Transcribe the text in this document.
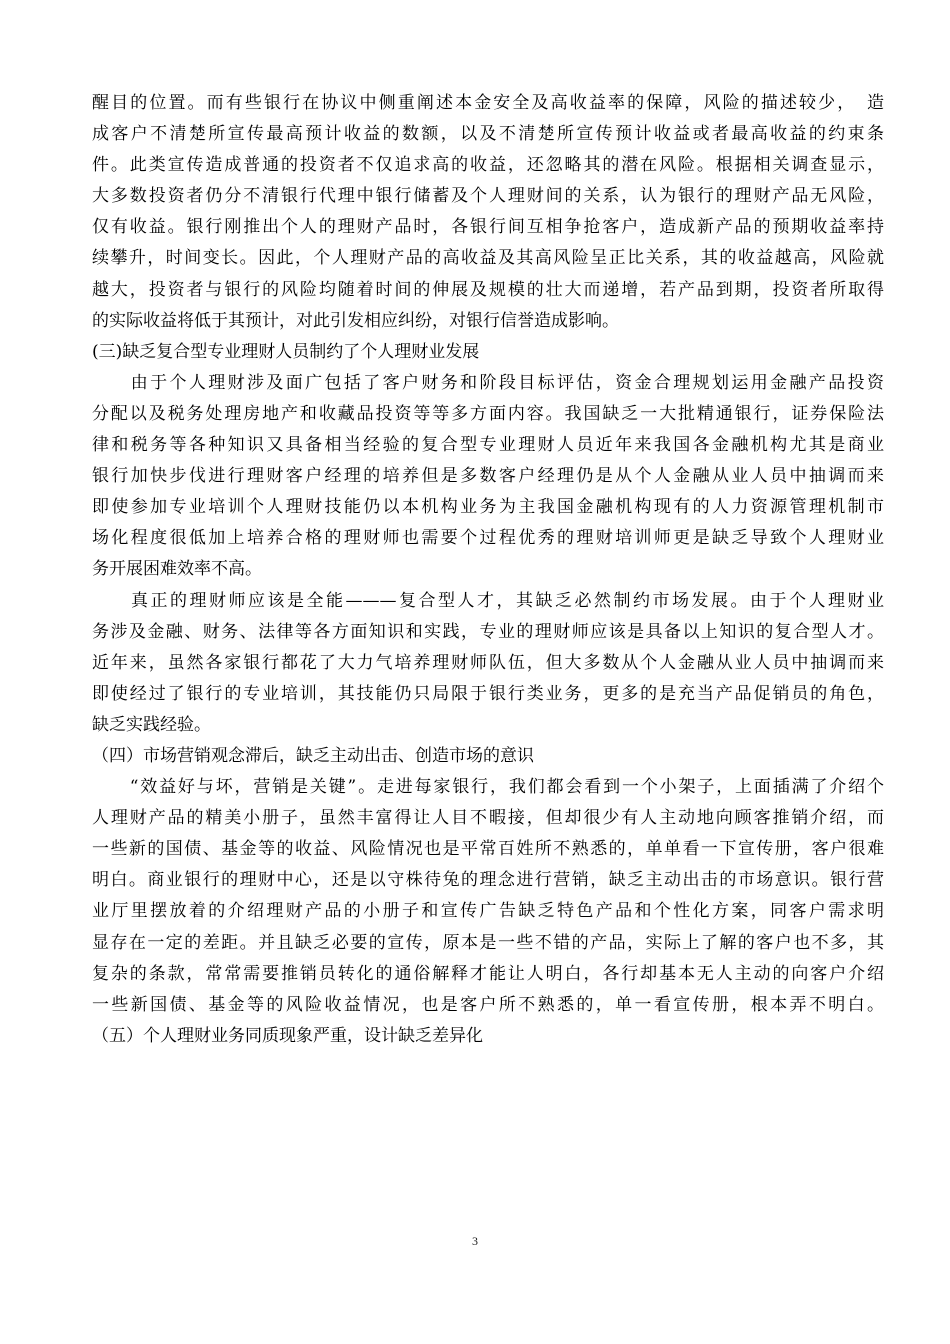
醒目的位置。而有些银行在协议中侧重阐述本金安全及高收益率的保障，风险的描述较少，　造
成客户不清楚所宣传最高预计收益的数额，以及不清楚所宣传预计收益或者最高收益的约束条
件。此类宣传造成普通的投资者不仅追求高的收益，还忽略其的潜在风险。根据相关调查显示，
大多数投资者仍分不清银行代理中银行储蓄及个人理财间的关系，认为银行的理财产品无风险，
仅有收益。银行刚推出个人的理财产品时，各银行间互相争抢客户，造成新产品的预期收益率持
续攀升，时间变长。因此，个人理财产品的高收益及其高风险呈正比关系，其的收益越高，风险就
越大，投资者与银行的风险均随着时间的伸展及规模的壮大而递增，若产品到期，投资者所取得
的实际收益将低于其预计，对此引发相应纠纷，对银行信誉造成影响。
(三)缺乏复合型专业理财人员制约了个人理财业发展
　　由于个人理财涉及面广包括了客户财务和阶段目标评估，资金合理规划运用金融产品投资
分配以及税务处理房地产和收藏品投资等等多方面内容。我国缺乏一大批精通银行，证券保险法
律和税务等各种知识又具备相当经验的复合型专业理财人员近年来我国各金融机构尤其是商业
银行加快步伐进行理财客户经理的培养但是多数客户经理仍是从个人金融从业人员中抽调而来
即使参加专业培训个人理财技能仍以本机构业务为主我国金融机构现有的人力资源管理机制市
场化程度很低加上培养合格的理财师也需要个过程优秀的理财培训师更是缺乏导致个人理财业
务开展困难效率不高。
　　真正的理财师应该是全能———复合型人才，其缺乏必然制约市场发展。由于个人理财业
务涉及金融、财务、法律等各方面知识和实践，专业的理财师应该是具备以上知识的复合型人才。
近年来，虽然各家银行都花了大力气培养理财师队伍，但大多数从个人金融从业人员中抽调而来
即使经过了银行的专业培训，其技能仍只局限于银行类业务，更多的是充当产品促销员的角色，
缺乏实践经验。
（四）市场营销观念滞后，缺乏主动出击、创造市场的意识
　　“效益好与坏，营销是关键”。走进每家银行，我们都会看到一个小架子，上面插满了介绍个
人理财产品的精美小册子，虽然丰富得让人目不暇接，但却很少有人主动地向顾客推销介绍，而
一些新的国债、基金等的收益、风险情况也是平常百姓所不熟悉的，单单看一下宣传册，客户很难
明白。商业银行的理财中心，还是以守株待兔的理念进行营销，缺乏主动出击的市场意识。银行营
业厅里摆放着的介绍理财产品的小册子和宣传广告缺乏特色产品和个性化方案，同客户需求明
显存在一定的差距。并且缺乏必要的宣传，原本是一些不错的产品，实际上了解的客户也不多，其
复杂的条款，常常需要推销员转化的通俗解释才能让人明白，各行却基本无人主动的向客户介绍
一些新国债、基金等的风险收益情况，也是客户所不熟悉的，单一看宣传册，根本弄不明白。
（五）个人理财业务同质现象严重，设计缺乏差异化
3
